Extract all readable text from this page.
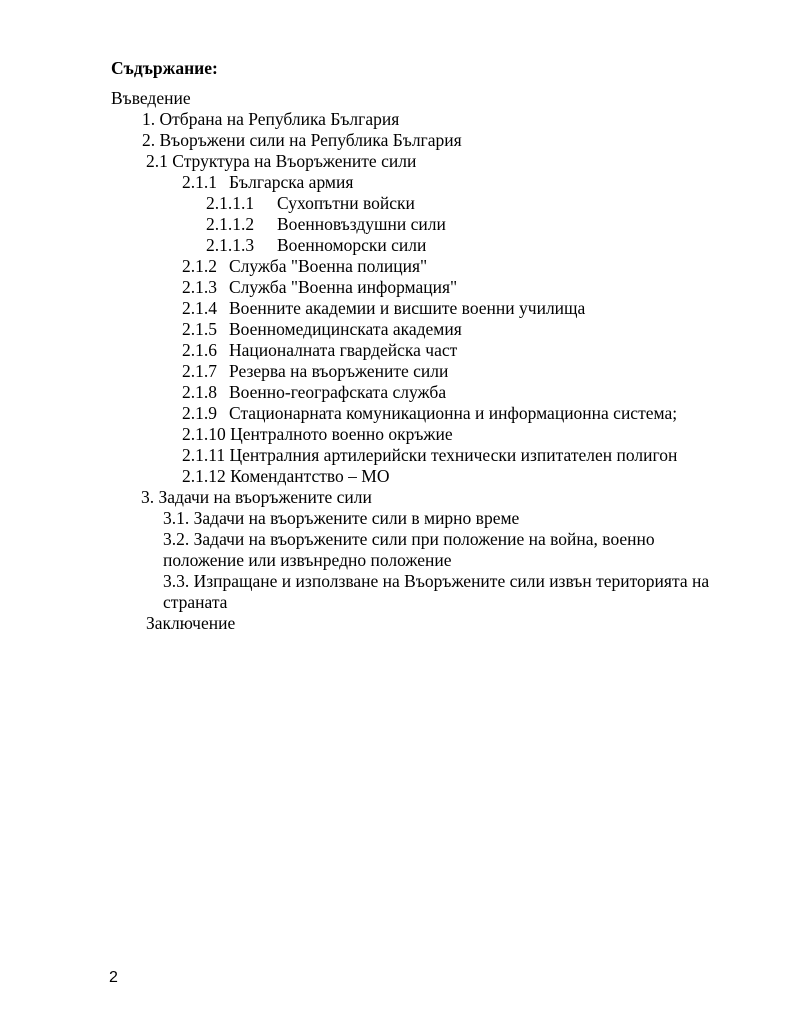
Съдържание:
Въведение
1. Отбрана на Република България
2. Въоръжени сили на Република България
2.1 Структура на Въоръжените сили
2.1.1 Българска армия
2.1.1.1 Сухопътни войски
2.1.1.2 Военновъздушни сили
2.1.1.3 Военноморски сили
2.1.2 Служба "Военна полиция"
2.1.3 Служба "Военна информация"
2.1.4 Военните академии и висшите военни училища
2.1.5 Военномедицинската академия
2.1.6 Националната гвардейска част
2.1.7 Резерва на въоръжените сили
2.1.8 Военно-географската служба
2.1.9 Стационарната комуникационна и информационна система;
2.1.10 Централното военно окръжие
2.1.11 Централния артилерийски технически изпитателен полигон
2.1.12 Комендантство – МО
3. Задачи на въоръжените сили
3.1. Задачи на въоръжените сили в мирно време
3.2. Задачи на въоръжените сили при положение на война, военно
положение или извънредно положение
3.3. Изпращане и използване на Въоръжените сили извън територията на
страната
Заключение
2
